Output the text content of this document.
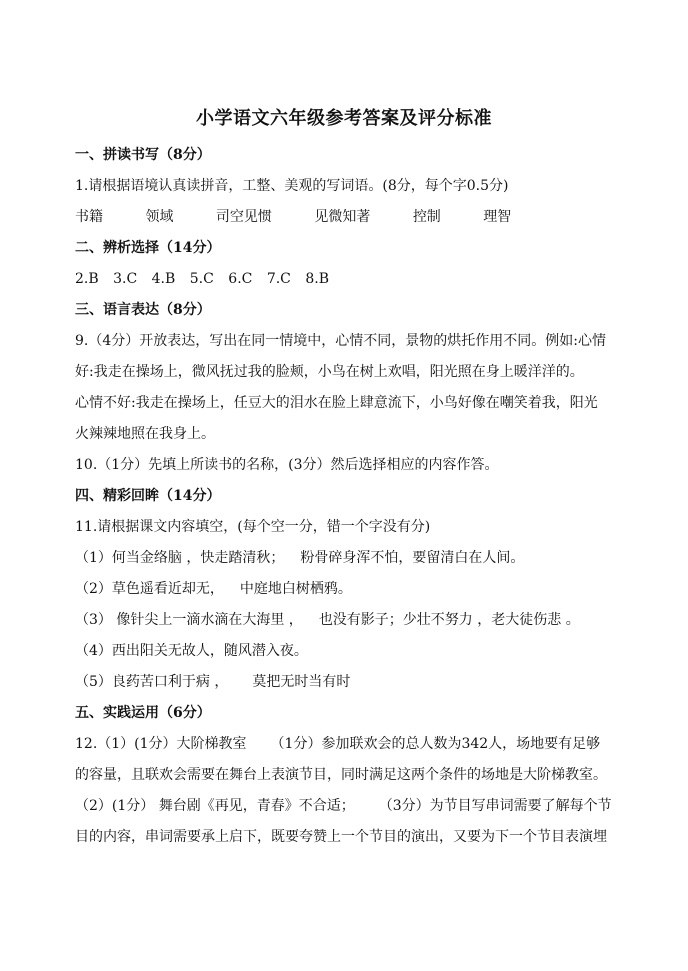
小学语文六年级参考答案及评分标准
一、拼读书写（8分）
1.请根据语境认真读拼音，工整、美观的写词语。(8分，每个字0.5分)
书籍	领域	司空见惯	见微知著	控制	理智
二、辨析选择（14分）
2.B 3.C 4.B 5.C 6.C 7.C 8.B
三、语言表达（8分）
9.（4分）开放表达，写出在同一情境中，心情不同，景物的烘托作用不同。例如:心情
好:我走在操场上，微风抚过我的脸颊，小鸟在树上欢唱，阳光照在身上暖洋洋的。
心情不好:我走在操场上，任豆大的泪水在脸上肆意流下，小鸟好像在嘲笑着我，阳光
火辣辣地照在我身上。
10.（1分）先填上所读书的名称，(3分）然后选择相应的内容作答。
四、精彩回眸（14分）
11.请根据课文内容填空，(每个空一分，错一个字没有分)
（1）何当金络脑 ，快走踏清秋； 粉骨碎身浑不怕，要留清白在人间。
（2）草色遥看近却无， 中庭地白树栖鸦。
（3） 像针尖上一滴水滴在大海里 ， 也没有影子；少壮不努力 ，老大徒伤悲 。
（4）西出阳关无故人，随风潜入夜。
（5）良药苦口利于病 ， 莫把无时当有时
五、实践运用（6分）
12.（1）(1分）大阶梯教室 （1分）参加联欢会的总人数为342人，场地要有足够
的容量，且联欢会需要在舞台上表演节目，同时满足这两个条件的场地是大阶梯教室。
（2）(1分） 舞台剧《再见，青春》不合适； （3分）为节目写串词需要了解每个节
目的内容，串词需要承上启下，既要夸赞上一个节目的演出，又要为下一个节目表演埋
